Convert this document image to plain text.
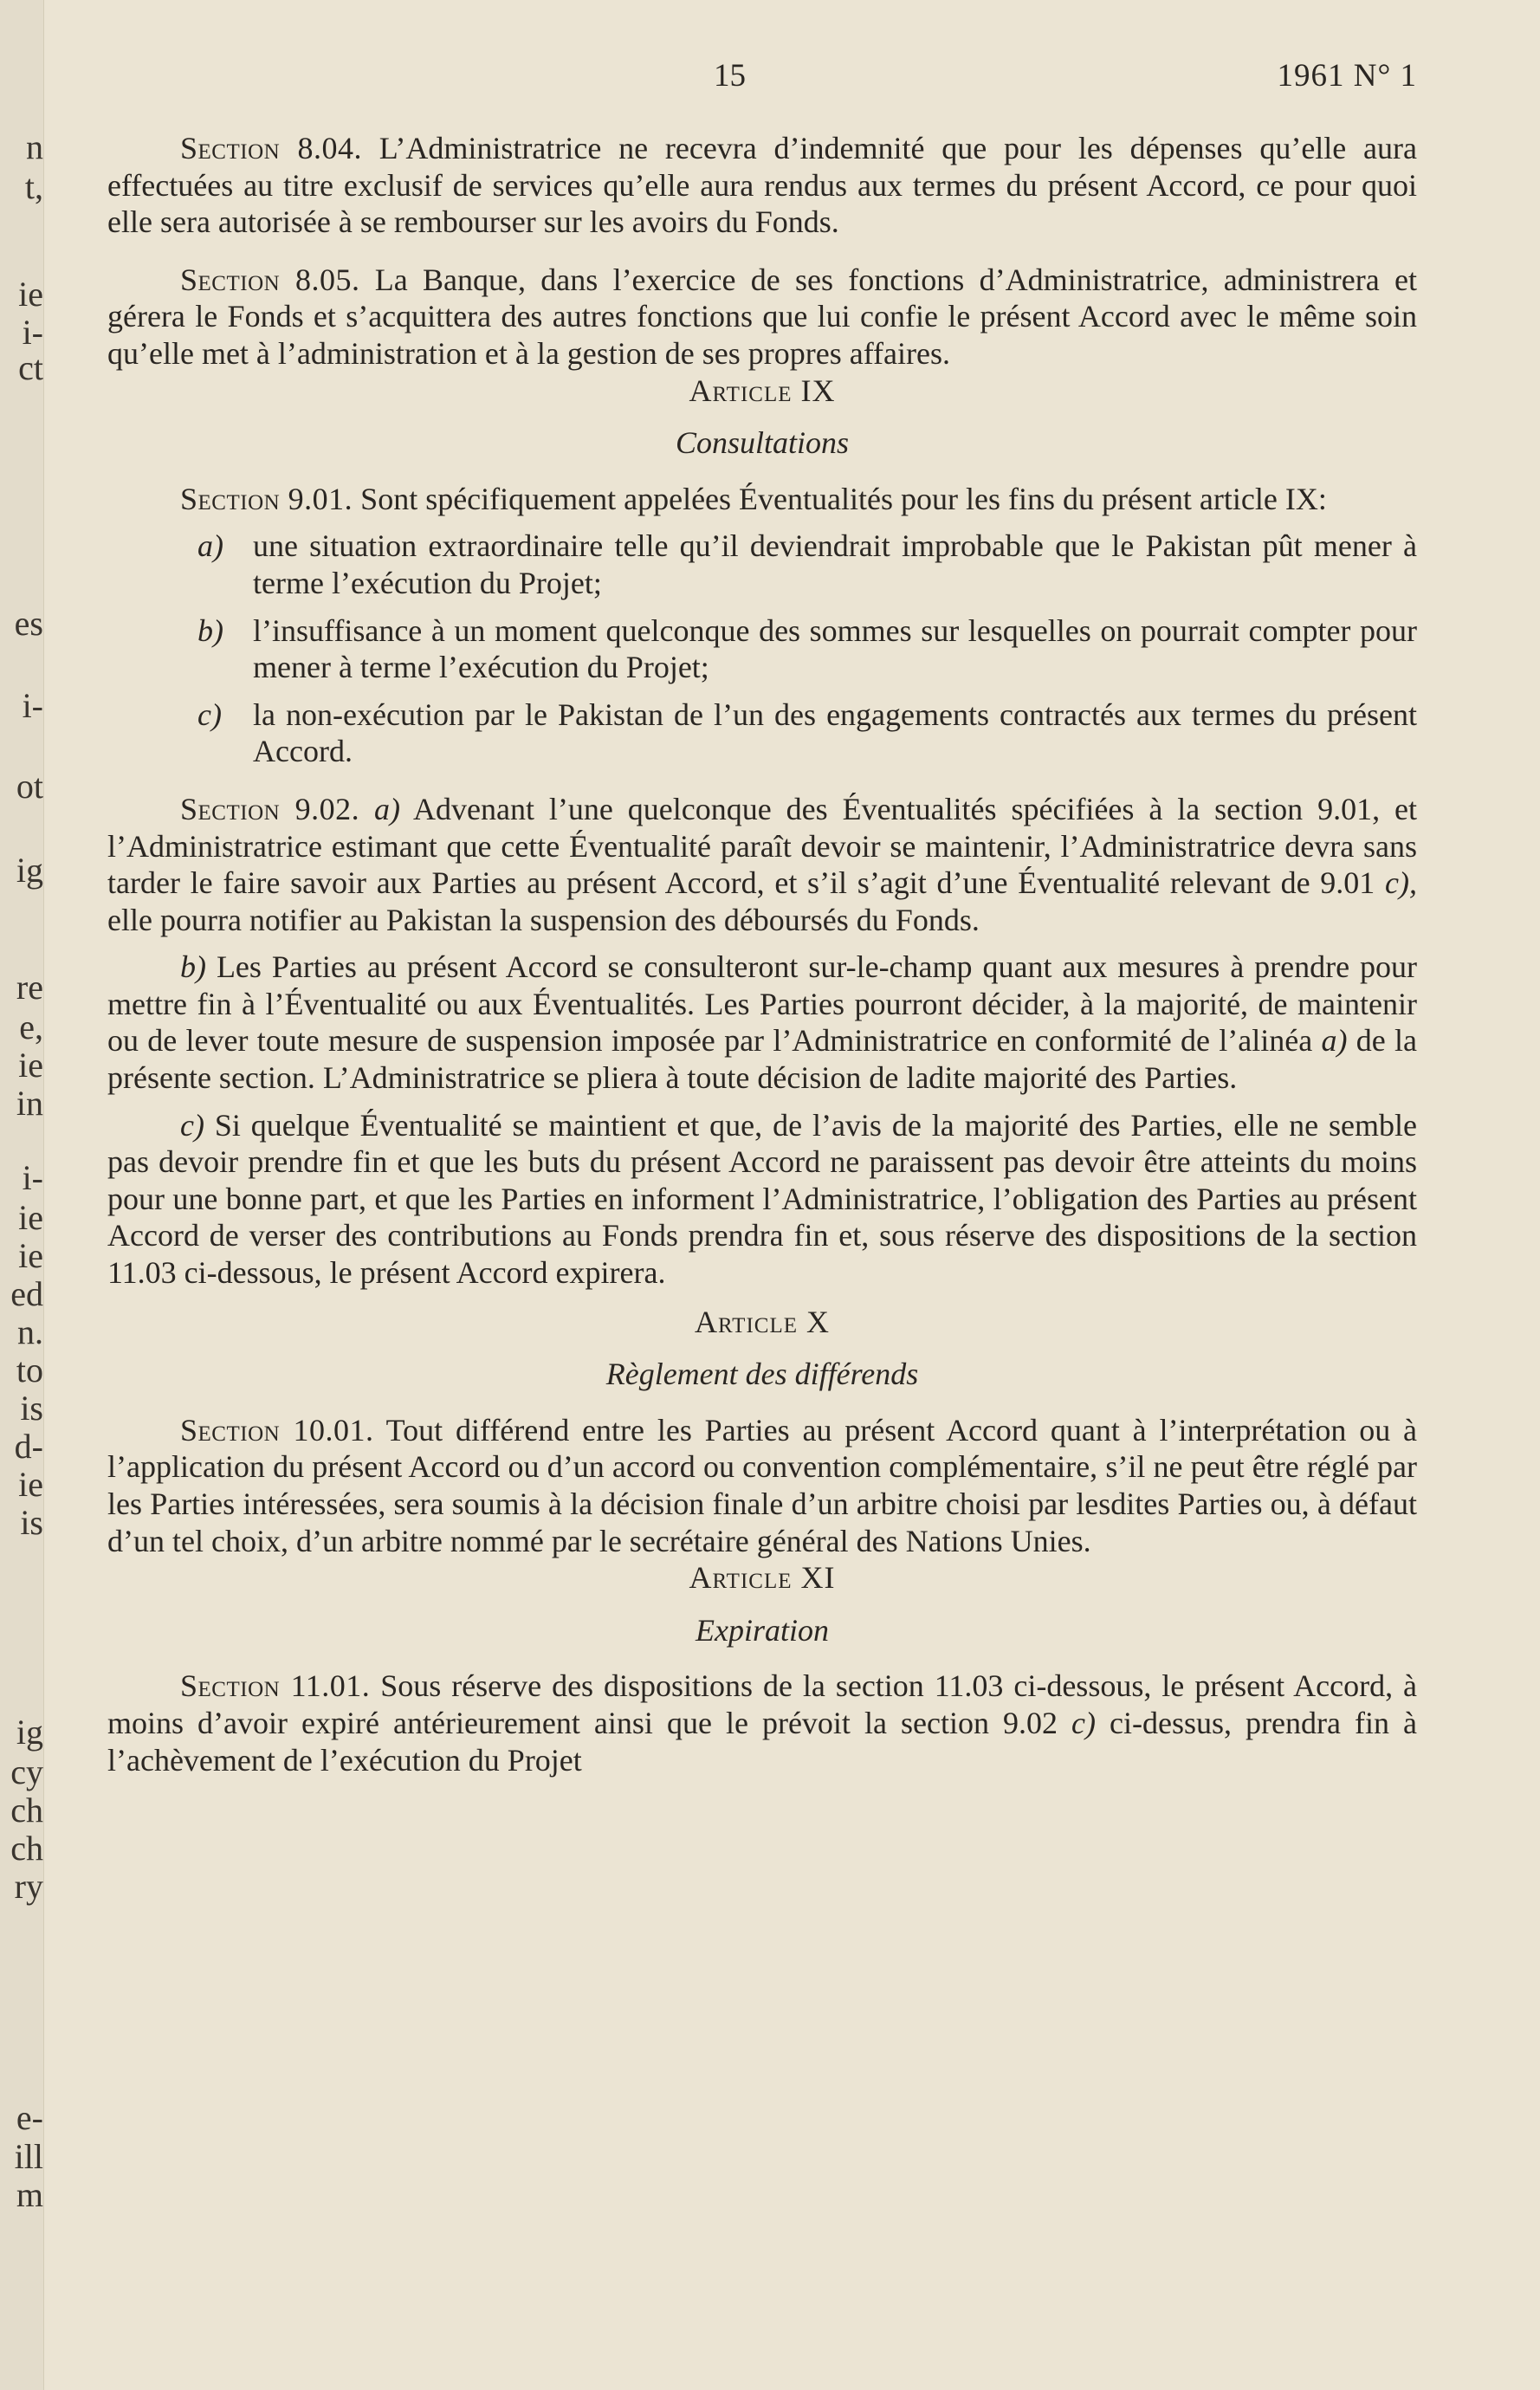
n
t,
ie
i-
ct
es
i-
ot
ig
re
e,
ie
in
i-
ie
ie
ed
n.
to
is
d-
ie
is
ig
cy
ch
ch
ry
e-
ill
m
15	1961 N° 1

Section 8.04. L’Administratrice ne recevra d’indemnité que pour les dépenses qu’elle aura effectuées au titre exclusif de services qu’elle aura rendus aux termes du présent Accord, ce pour quoi elle sera autorisée à se rembourser sur les avoirs du Fonds.

Section 8.05. La Banque, dans l’exercice de ses fonctions d’Administratrice, administrera et gérera le Fonds et s’acquittera des autres fonctions que lui confie le présent Accord avec le même soin qu’elle met à l’administration et à la gestion de ses propres affaires.

Article IX

Consultations

Section 9.01. Sont spécifiquement appelées Éventualités pour les fins du présent article IX:

a) une situation extraordinaire telle qu’il deviendrait improbable que le Pakistan pût mener à terme l’exécution du Projet;
b) l’insuffisance à un moment quelconque des sommes sur lesquelles on pourrait compter pour mener à terme l’exécution du Projet;
c) la non-exécution par le Pakistan de l’un des engagements contractés aux termes du présent Accord.

Section 9.02. a) Advenant l’une quelconque des Éventualités spécifiées à la section 9.01, et l’Administratrice estimant que cette Éventualité paraît devoir se maintenir, l’Administratrice devra sans tarder le faire savoir aux Parties au présent Accord, et s’il s’agit d’une Éventualité relevant de 9.01 c), elle pourra notifier au Pakistan la suspension des déboursés du Fonds.

b) Les Parties au présent Accord se consulteront sur-le-champ quant aux mesures à prendre pour mettre fin à l’Éventualité ou aux Éventualités. Les Parties pourront décider, à la majorité, de maintenir ou de lever toute mesure de suspension imposée par l’Administratrice en conformité de l’alinéa a) de la présente section. L’Administratrice se pliera à toute décision de ladite majorité des Parties.

c) Si quelque Éventualité se maintient et que, de l’avis de la majorité des Parties, elle ne semble pas devoir prendre fin et que les buts du présent Accord ne paraissent pas devoir être atteints du moins pour une bonne part, et que les Parties en informent l’Administratrice, l’obligation des Parties au présent Accord de verser des contributions au Fonds prendra fin et, sous réserve des dispositions de la section 11.03 ci-dessous, le présent Accord expirera.

Article X

Règlement des différends

Section 10.01. Tout différend entre les Parties au présent Accord quant à l’interprétation ou à l’application du présent Accord ou d’un accord ou convention complémentaire, s’il ne peut être réglé par les Parties intéressées, sera soumis à la décision finale d’un arbitre choisi par lesdites Parties ou, à défaut d’un tel choix, d’un arbitre nommé par le secrétaire général des Nations Unies.

Article XI

Expiration

Section 11.01. Sous réserve des dispositions de la section 11.03 ci-dessous, le présent Accord, à moins d’avoir expiré antérieurement ainsi que le prévoit la section 9.02 c) ci-dessus, prendra fin à l’achèvement de l’exécution du Projet
